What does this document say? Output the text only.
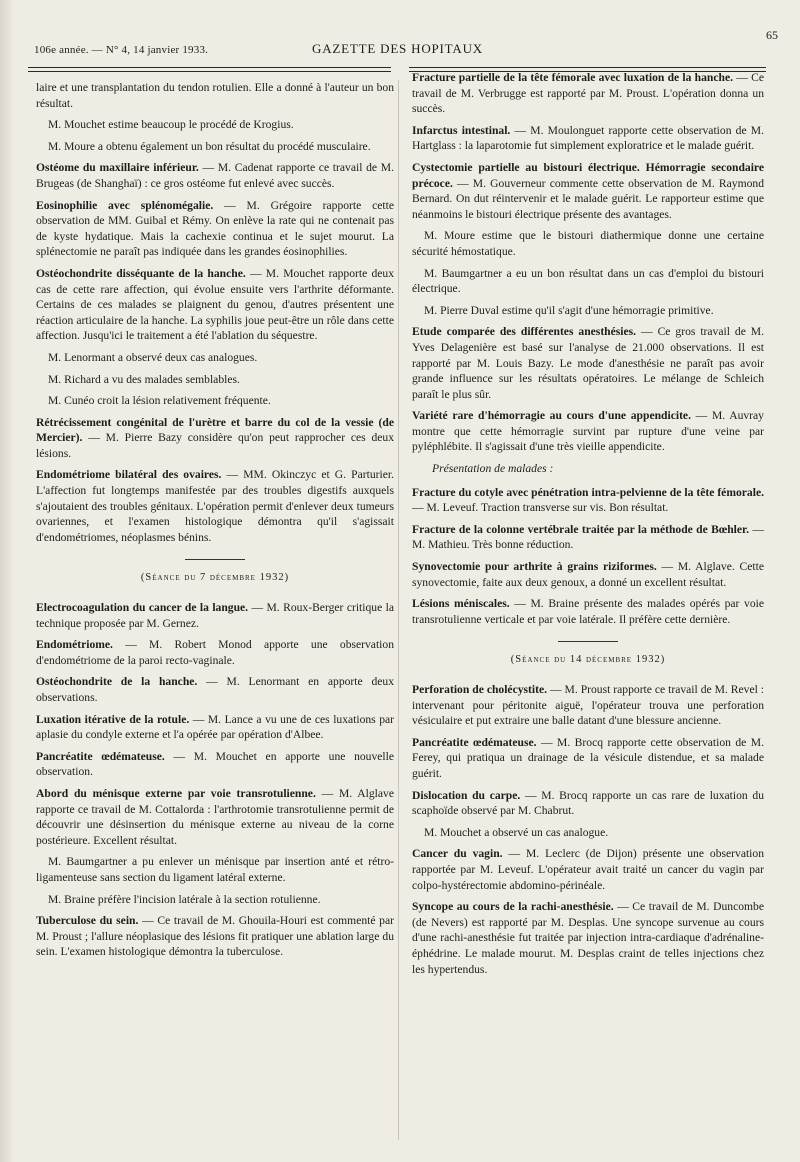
106e année. — N° 4, 14 janvier 1933.	GAZETTE DES HOPITAUX
65

laire et une transplantation du tendon rotulien. Elle a donné à l'auteur un bon résultat.

M. Mouchet estime beaucoup le procédé de Krogius.

M. Moure a obtenu également un bon résultat du procédé musculaire.

Ostéome du maxillaire inférieur. — M. Cadenat rapporte ce travail de M. Brugeas (de Shanghaï) : ce gros ostéome fut enlevé avec succès.

Eosinophilie avec splénomégalie. — M. Grégoire rapporte cette observation de MM. Guibal et Rémy. On enlève la rate qui ne contenait pas de kyste hydatique. Mais la cachexie continua et le sujet mourut. La splénectomie ne paraît pas indiquée dans les grandes éosinophilies.

Ostéochondrite disséquante de la hanche. — M. Mouchet rapporte deux cas de cette rare affection, qui évolue ensuite vers l'arthrite déformante. Certains de ces malades se plaignent du genou, d'autres présentent une réaction articulaire de la hanche. La syphilis joue peut-être un rôle dans cette affection. Jusqu'ici le traitement a été l'ablation du séquestre.

M. Lenormant a observé deux cas analogues.

M. Richard a vu des malades semblables.

M. Cunéo croit la lésion relativement fréquente.

Rétrécissement congénital de l'urètre et barre du col de la vessie (de Mercier). — M. Pierre Bazy considère qu'on peut rapprocher ces deux lésions.

Endométriome bilatéral des ovaires. — MM. Okinczyc et G. Parturier. L'affection fut longtemps manifestée par des troubles digestifs auxquels s'ajoutaient des troubles génitaux. L'opération permit d'enlever deux tumeurs ovariennes, et l'examen histologique démontra qu'il s'agissait d'endométriomes, néoplasmes bénins.

(Séance du 7 décembre 1932)

Electrocoagulation du cancer de la langue. — M. Roux-Berger critique la technique proposée par M. Gernez.

Endométriome. — M. Robert Monod apporte une observation d'endométriome de la paroi recto-vaginale.

Ostéochondrite de la hanche. — M. Lenormant en apporte deux observations.

Luxation itérative de la rotule. — M. Lance a vu une de ces luxations par aplasie du condyle externe et l'a opérée par opération d'Albee.

Pancréatite œdémateuse. — M. Mouchet en apporte une nouvelle observation.

Abord du ménisque externe par voie transrotulienne. — M. Alglave rapporte ce travail de M. Cottalorda : l'arthrotomie transrotulienne permit de découvrir une désinsertion du ménisque externe au niveau de la corne postérieure. Excellent résultat.

M. Baumgartner a pu enlever un ménisque par insertion anté et rétro-ligamenteuse sans section du ligament latéral externe.

M. Braine préfère l'incision latérale à la section rotulienne.

Tuberculose du sein. — Ce travail de M. Ghouila-Houri est commenté par M. Proust ; l'allure néoplasique des lésions fit pratiquer une ablation large du sein. L'examen histologique démontra la tuberculose.

Fracture partielle de la tête fémorale avec luxation de la hanche. — Ce travail de M. Verbrugge est rapporté par M. Proust. L'opération donna un succès.

Infarctus intestinal. — M. Moulonguet rapporte cette observation de M. Hartglass : la laparotomie fut simplement exploratrice et le malade guérit.

Cystectomie partielle au bistouri électrique. Hémorragie secondaire précoce. — M. Gouverneur commente cette observation de M. Raymond Bernard. On dut réintervenir et le malade guérit. Le rapporteur estime que néanmoins le bistouri électrique présente des avantages.

M. Moure estime que le bistouri diathermique donne une certaine sécurité hémostatique.

M. Baumgartner a eu un bon résultat dans un cas d'emploi du bistouri électrique.

M. Pierre Duval estime qu'il s'agit d'une hémorragie primitive.

Etude comparée des différentes anesthésies. — Ce gros travail de M. Yves Delagenière est basé sur l'analyse de 21.000 observations. Il est rapporté par M. Louis Bazy. Le mode d'anesthésie ne paraît pas avoir grande influence sur les résultats opératoires. Le mélange de Schleich paraît le plus sûr.

Variété rare d'hémorragie au cours d'une appendicite. — M. Auvray montre que cette hémorragie survint par rupture d'une veine par pyléphlébite. Il s'agissait d'une très vieille appendicite.

Présentation de malades :

Fracture du cotyle avec pénétration intra-pelvienne de la tête fémorale. — M. Leveuf. Traction transverse sur vis. Bon résultat.

Fracture de la colonne vertébrale traitée par la méthode de Bœhler. — M. Mathieu. Très bonne réduction.

Synovectomie pour arthrite à grains riziformes. — M. Alglave. Cette synovectomie, faite aux deux genoux, a donné un excellent résultat.

Lésions méniscales. — M. Braine présente des malades opérés par voie transrotulienne verticale et par voie latérale. Il préfère cette dernière.

(Séance du 14 décembre 1932)

Perforation de cholécystite. — M. Proust rapporte ce travail de M. Revel : intervenant pour péritonite aiguë, l'opérateur trouva une perforation vésiculaire et put extraire une balle datant d'une blessure ancienne.

Pancréatite œdémateuse. — M. Brocq rapporte cette observation de M. Ferey, qui pratiqua un drainage de la vésicule distendue, et sa malade guérit.

Dislocation du carpe. — M. Brocq rapporte un cas rare de luxation du scaphoïde observé par M. Chabrut.

M. Mouchet a observé un cas analogue.

Cancer du vagin. — M. Leclerc (de Dijon) présente une observation rapportée par M. Leveuf. L'opérateur avait traité un cancer du vagin par colpo-hystérectomie abdomino-périnéale.

Syncope au cours de la rachi-anesthésie. — Ce travail de M. Duncombe (de Nevers) est rapporté par M. Desplas. Une syncope survenue au cours d'une rachi-anesthésie fut traitée par injection intra-cardiaque d'adrénaline-éphédrine. Le malade mourut. M. Desplas craint de telles injections chez les hypertendus.
